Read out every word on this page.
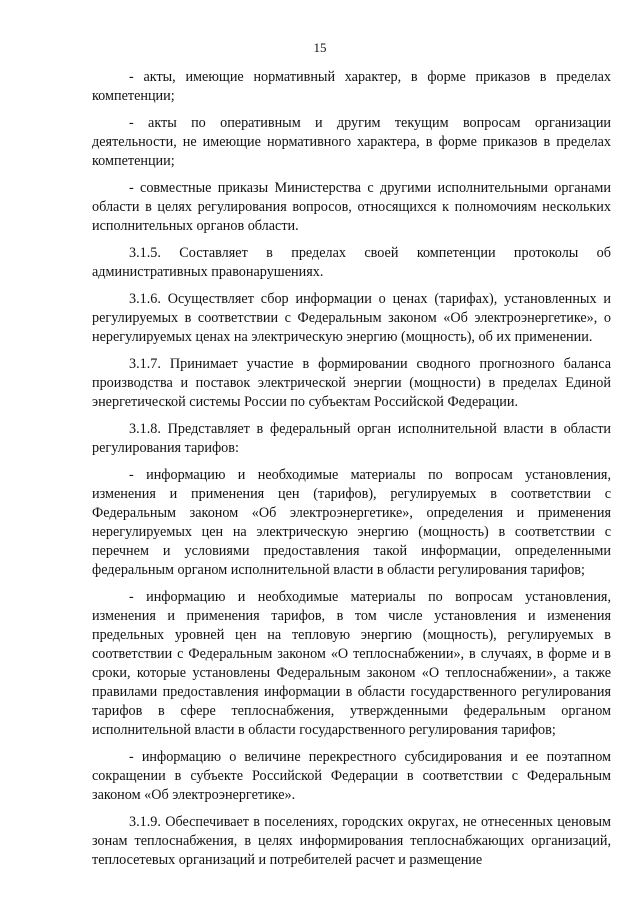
15

- акты, имеющие нормативный характер, в форме приказов в пределах компетенции;

- акты по оперативным и другим текущим вопросам организации деятельности, не имеющие нормативного характера, в форме приказов в пределах компетенции;

- совместные приказы Министерства с другими исполнительными органами области в целях регулирования вопросов, относящихся к полномочиям нескольких исполнительных органов области.

3.1.5. Составляет в пределах своей компетенции протоколы об административных правонарушениях.

3.1.6. Осуществляет сбор информации о ценах (тарифах), установленных и регулируемых в соответствии с Федеральным законом «Об электроэнергетике», о нерегулируемых ценах на электрическую энергию (мощность), об их применении.

3.1.7. Принимает участие в формировании сводного прогнозного баланса производства и поставок электрической энергии (мощности) в пределах Единой энергетической системы России по субъектам Российской Федерации.

3.1.8. Представляет в федеральный орган исполнительной власти в области регулирования тарифов:

- информацию и необходимые материалы по вопросам установления, изменения и применения цен (тарифов), регулируемых в соответствии с Федеральным законом «Об электроэнергетике», определения и применения нерегулируемых цен на электрическую энергию (мощность) в соответствии с перечнем и условиями предоставления такой информации, определенными федеральным органом исполнительной власти в области регулирования тарифов;

- информацию и необходимые материалы по вопросам установления, изменения и применения тарифов, в том числе установления и изменения предельных уровней цен на тепловую энергию (мощность), регулируемых в соответствии с Федеральным законом «О теплоснабжении», в случаях, в форме и в сроки, которые установлены Федеральным законом «О теплоснабжении», а также правилами предоставления информации в области государственного регулирования тарифов в сфере теплоснабжения, утвержденными федеральным органом исполнительной власти в области государственного регулирования тарифов;

- информацию о величине перекрестного субсидирования и ее поэтапном сокращении в субъекте Российской Федерации в соответствии с Федеральным законом «Об электроэнергетике».

3.1.9. Обеспечивает в поселениях, городских округах, не отнесенных ценовым зонам теплоснабжения, в целях информирования теплоснабжающих организаций, теплосетевых организаций и потребителей расчет и размещение
